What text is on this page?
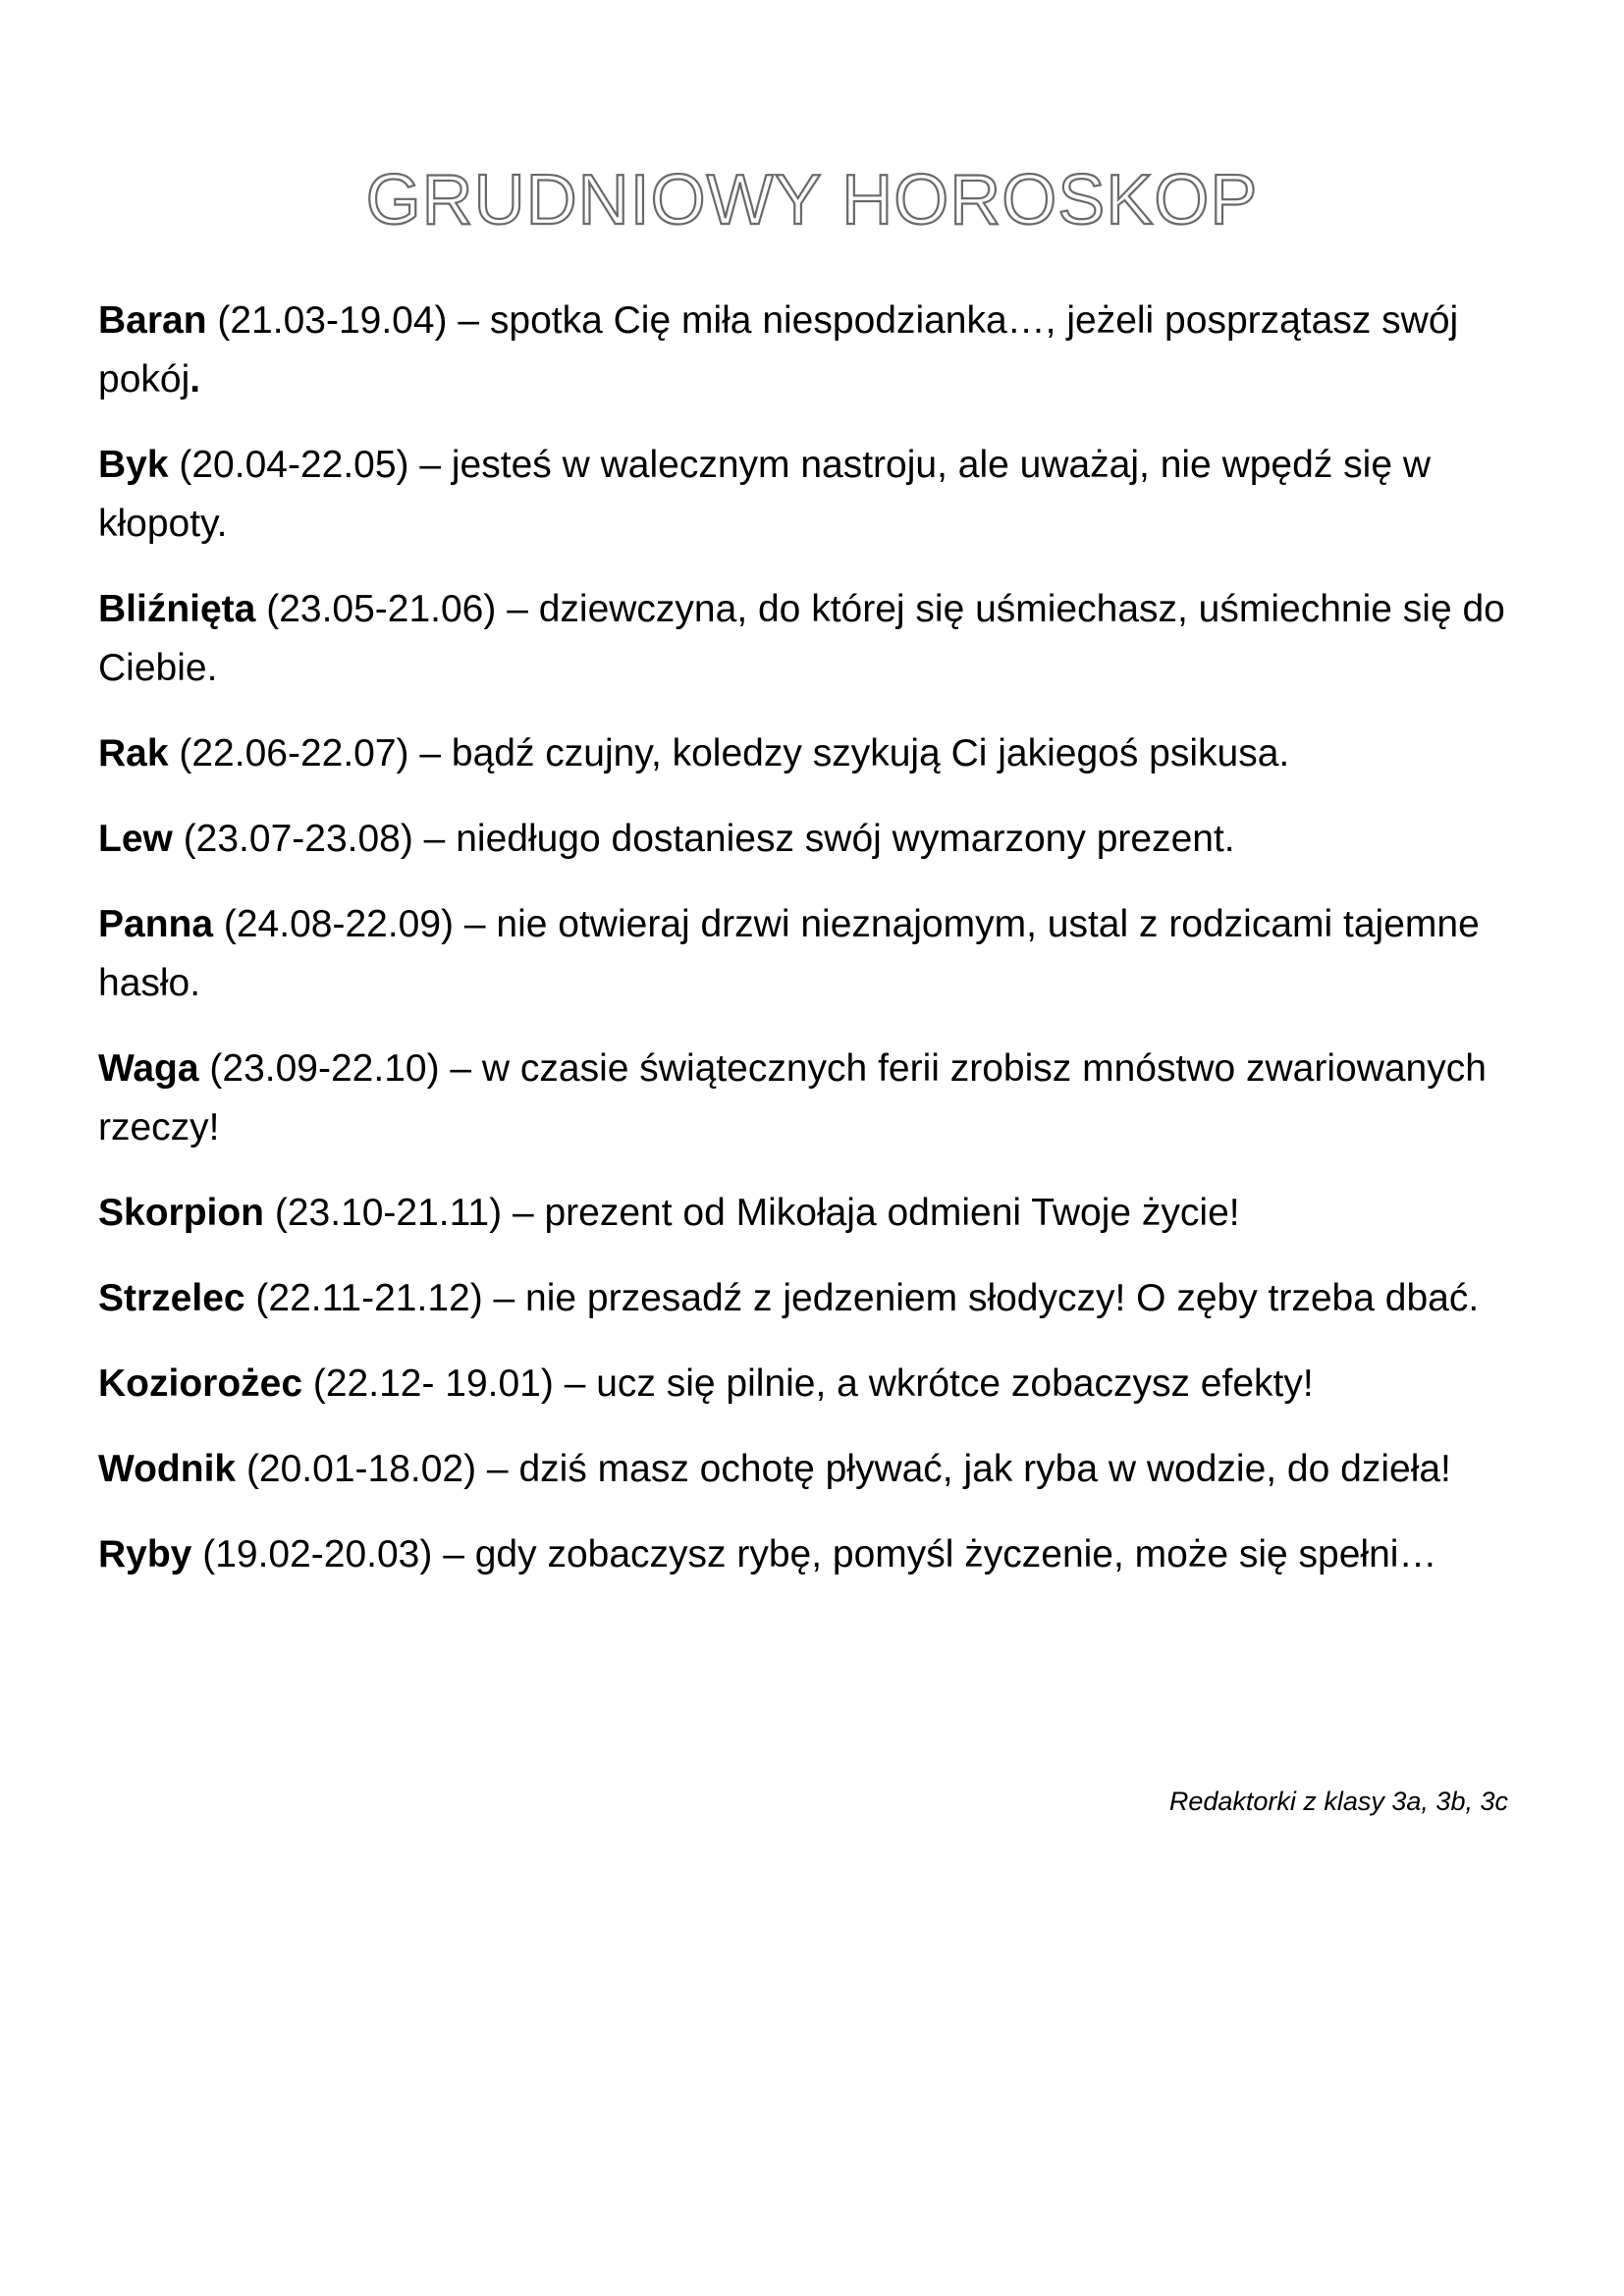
GRUDNIOWY HOROSKOP

Baran (21.03-19.04) – spotka Cię miła niespodzianka…, jeżeli posprzątasz swój pokój.

Byk (20.04-22.05) – jesteś w walecznym nastroju, ale uważaj, nie wpędź się w kłopoty.

Bliźnięta (23.05-21.06) – dziewczyna, do której się uśmiechasz, uśmiechnie się do Ciebie.

Rak (22.06-22.07) – bądź czujny, koledzy szykują Ci jakiegoś psikusa.

Lew (23.07-23.08) – niedługo dostaniesz swój wymarzony prezent.

Panna (24.08-22.09) – nie otwieraj drzwi nieznajomym, ustal z rodzicami tajemne hasło.

Waga (23.09-22.10) – w czasie świątecznych ferii zrobisz mnóstwo zwariowanych rzeczy!

Skorpion (23.10-21.11) – prezent od Mikołaja odmieni Twoje życie!

Strzelec (22.11-21.12) – nie przesadź z jedzeniem słodyczy! O zęby trzeba dbać.

Koziorożec (22.12- 19.01) – ucz się pilnie, a wkrótce zobaczysz efekty!

Wodnik (20.01-18.02) – dziś masz ochotę pływać, jak ryba w wodzie, do dzieła!

Ryby (19.02-20.03) – gdy zobaczysz rybę, pomyśl życzenie, może się spełni…

Redaktorki z klasy 3a, 3b, 3c
